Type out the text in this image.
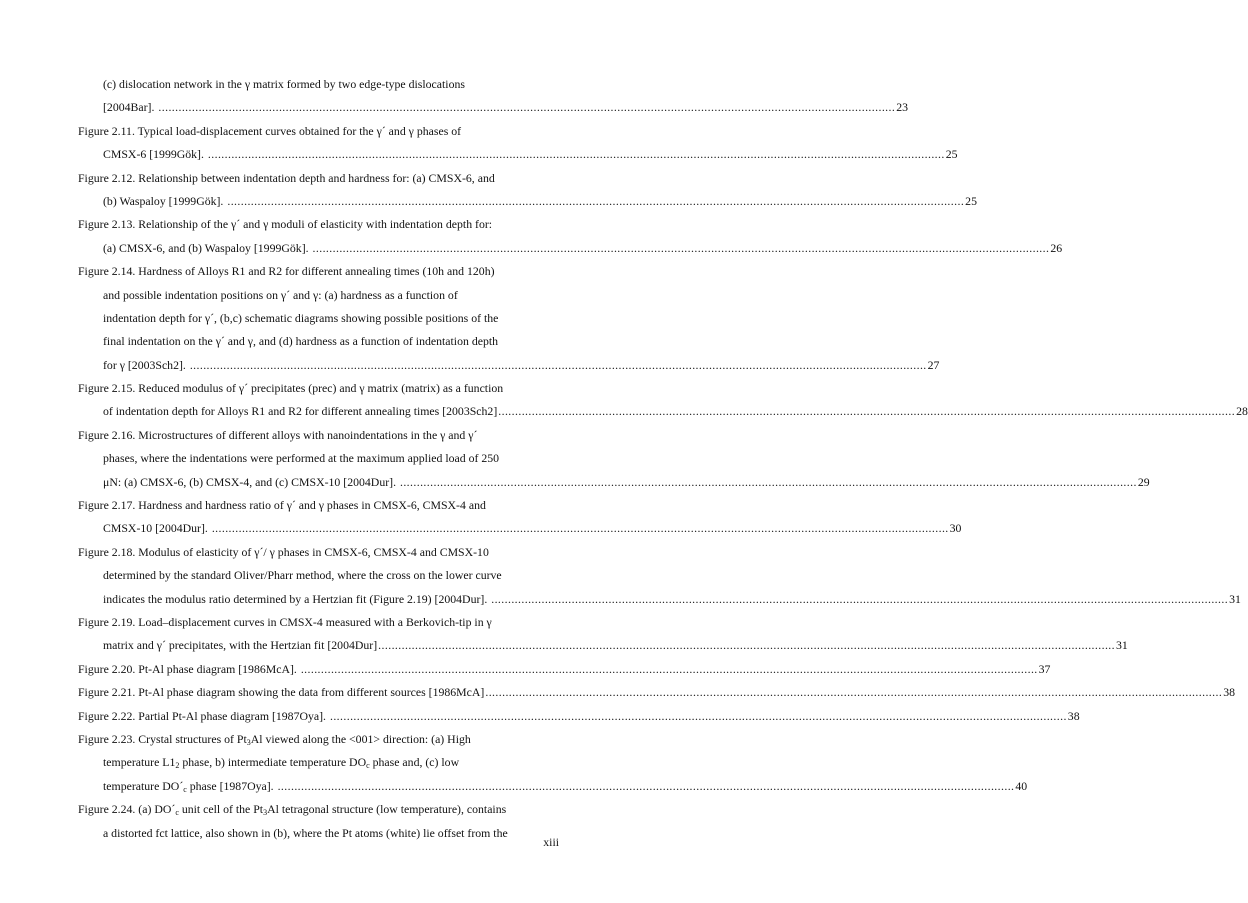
(c) dislocation network in the γ matrix formed by two edge-type dislocations
[2004Bar]. ............................................................................................................................................................................................................................ 23
Figure 2.11. Typical load-displacement curves obtained for the γ´ and γ phases of
CMSX-6 [1999Gök]. ............................................................................................................................................................................................................................ 25
Figure 2.12. Relationship between indentation depth and hardness for: (a) CMSX-6, and
(b) Waspaloy [1999Gök]. ............................................................................................................................................................................................................................ 25
Figure 2.13. Relationship of the γ´ and γ moduli of elasticity with indentation depth for:
(a) CMSX-6, and (b) Waspaloy [1999Gök]. ............................................................................................................................................................................................................................ 26
Figure 2.14. Hardness of Alloys R1 and R2 for different annealing times (10h and 120h)
and possible indentation positions on γ´ and γ: (a) hardness as a function of
indentation depth for γ´, (b,c) schematic diagrams showing possible positions of the
final indentation on the γ´ and γ, and (d) hardness as a function of indentation depth
for γ [2003Sch2]. ............................................................................................................................................................................................................................ 27
Figure 2.15. Reduced modulus of γ´ precipitates (prec) and γ matrix (matrix) as a function
of indentation depth for Alloys R1 and R2 for different annealing times [2003Sch2] ............................................................................................................................................................................................................................ 28
Figure 2.16. Microstructures of different alloys with nanoindentations in the γ and γ´
phases, where the indentations were performed at the maximum applied load of 250
μN: (a) CMSX-6, (b) CMSX-4, and (c) CMSX-10 [2004Dur]. ............................................................................................................................................................................................................................ 29
Figure 2.17. Hardness and hardness ratio of γ´ and γ phases in CMSX-6, CMSX-4 and
CMSX-10 [2004Dur]. ............................................................................................................................................................................................................................ 30
Figure 2.18. Modulus of elasticity of γ´/ γ phases in CMSX-6, CMSX-4 and CMSX-10
determined by the standard Oliver/Pharr method, where the cross on the lower curve
indicates the modulus ratio determined by a Hertzian fit (Figure 2.19) [2004Dur]. ............................................................................................................................................................................................................................ 31
Figure 2.19. Load–displacement curves in CMSX-4 measured with a Berkovich-tip in γ
matrix and γ´ precipitates, with the Hertzian fit [2004Dur] ............................................................................................................................................................................................................................ 31
Figure 2.20. Pt-Al phase diagram [1986McA]. ............................................................................................................................................................................................................................ 37
Figure 2.21. Pt-Al phase diagram showing the data from different sources [1986McA] ............................................................................................................................................................................................................................ 38
Figure 2.22. Partial Pt-Al phase diagram [1987Oya]. ............................................................................................................................................................................................................................ 38
Figure 2.23. Crystal structures of $Pt_3Al$ viewed along the <001> direction: (a) High
temperature $L1_2$ phase, b) intermediate temperature $DO_c$ phase and, (c) low
temperature $DO´_c$ phase [1987Oya]. ............................................................................................................................................................................................................................ 40
Figure 2.24. (a) $DO´_c$ unit cell of the $Pt_3Al$ tetragonal structure (low temperature), contains
a distorted fct lattice, also shown in (b), where the Pt atoms (white) lie offset from the
xiii
